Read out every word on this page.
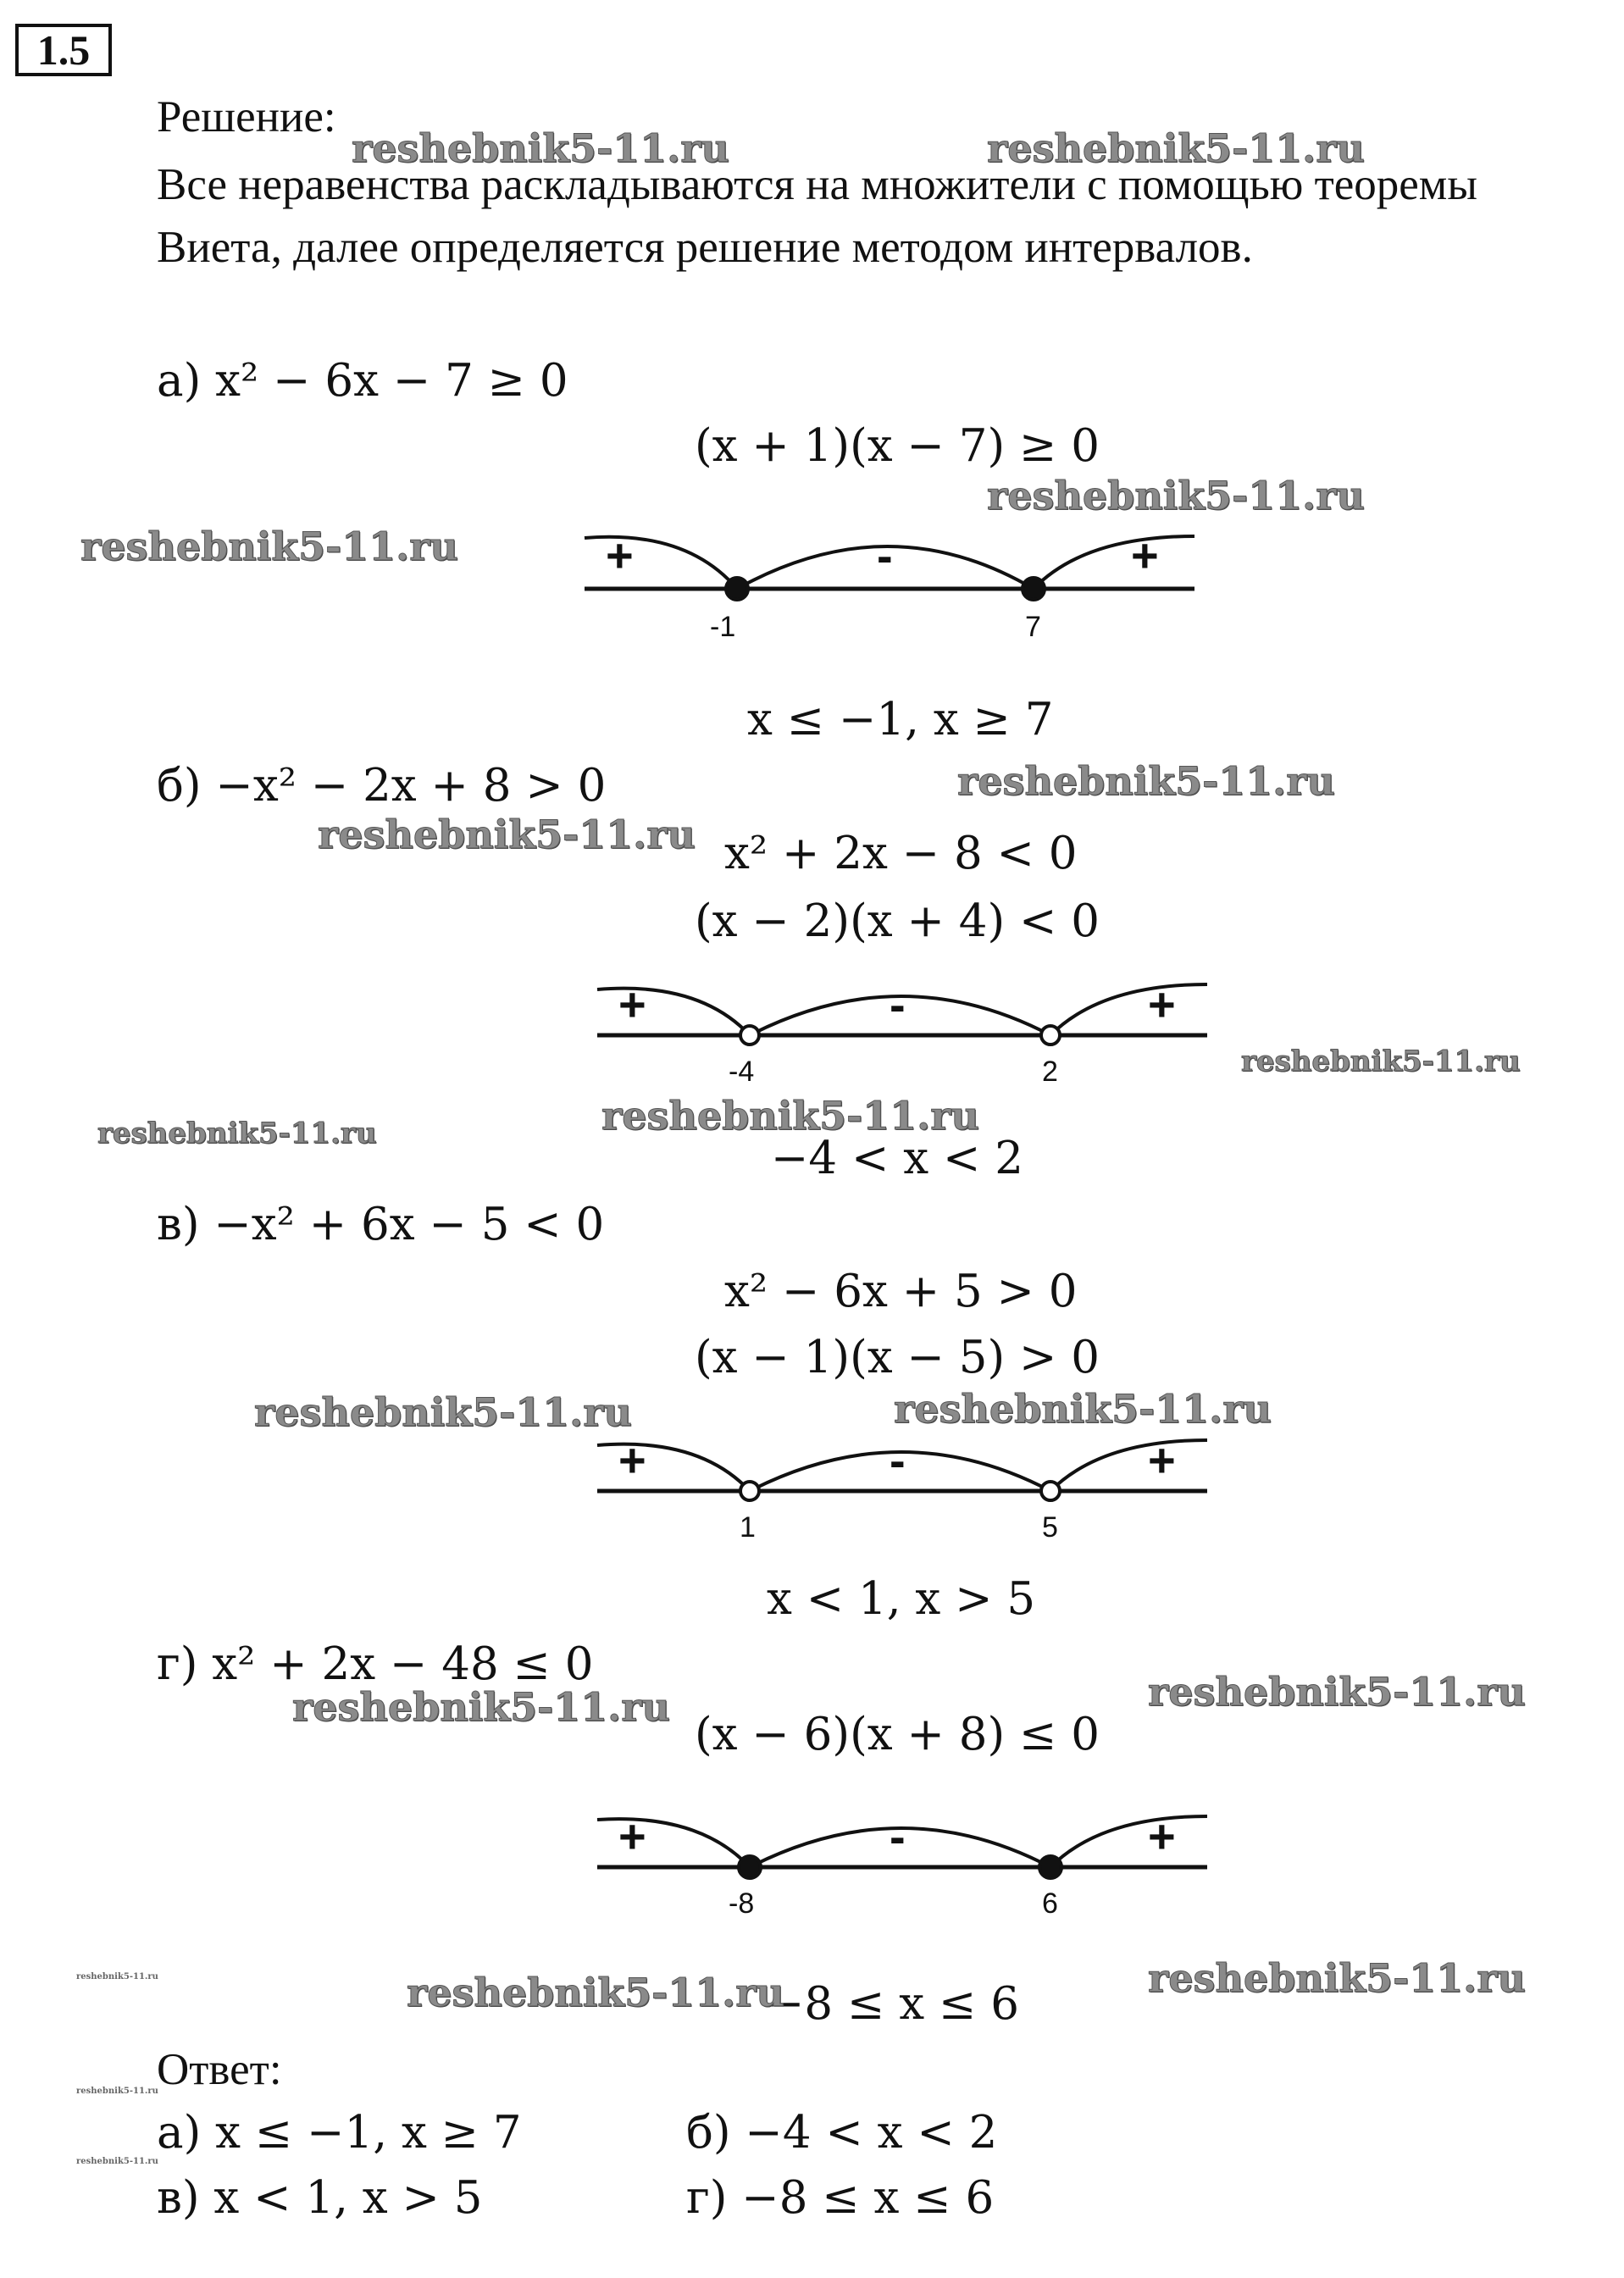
1.5
Решение:
Все неравенства раскладываются на множители с помощью теоремы
Виета, далее определяется решение методом интервалов.
а) x² − 6x − 7 ≥ 0
(x + 1)(x − 7) ≥ 0
+	-	+
-1	7
x ≤ −1, x ≥ 7
б) −x² − 2x + 8 > 0
x² + 2x − 8 < 0
(x − 2)(x + 4) < 0
+	-	+
-4	2
−4 < x < 2
в) −x² + 6x − 5 < 0
x² − 6x + 5 > 0
(x − 1)(x − 5) > 0
+	-	+
1	5
x < 1, x > 5
г) x² + 2x − 48 ≤ 0
(x − 6)(x + 8) ≤ 0
+	-	+
-8	6
−8 ≤ x ≤ 6
Ответ:
а) x ≤ −1, x ≥ 7	б) −4 < x < 2
в) x < 1, x > 5	г) −8 ≤ x ≤ 6
reshebnik5-11.ru	reshebnik5-11.ru
reshebnik5-11.ru
reshebnik5-11.ru
reshebnik5-11.ru
reshebnik5-11.ru
reshebnik5-11.ru
reshebnik5-11.ru
reshebnik5-11.ru
reshebnik5-11.ru	reshebnik5-11.ru
reshebnik5-11.ru
reshebnik5-11.ru
reshebnik5-11.ru
reshebnik5-11.ru
reshebnik5-11.ru
reshebnik5-11.ru
reshebnik5-11.ru
